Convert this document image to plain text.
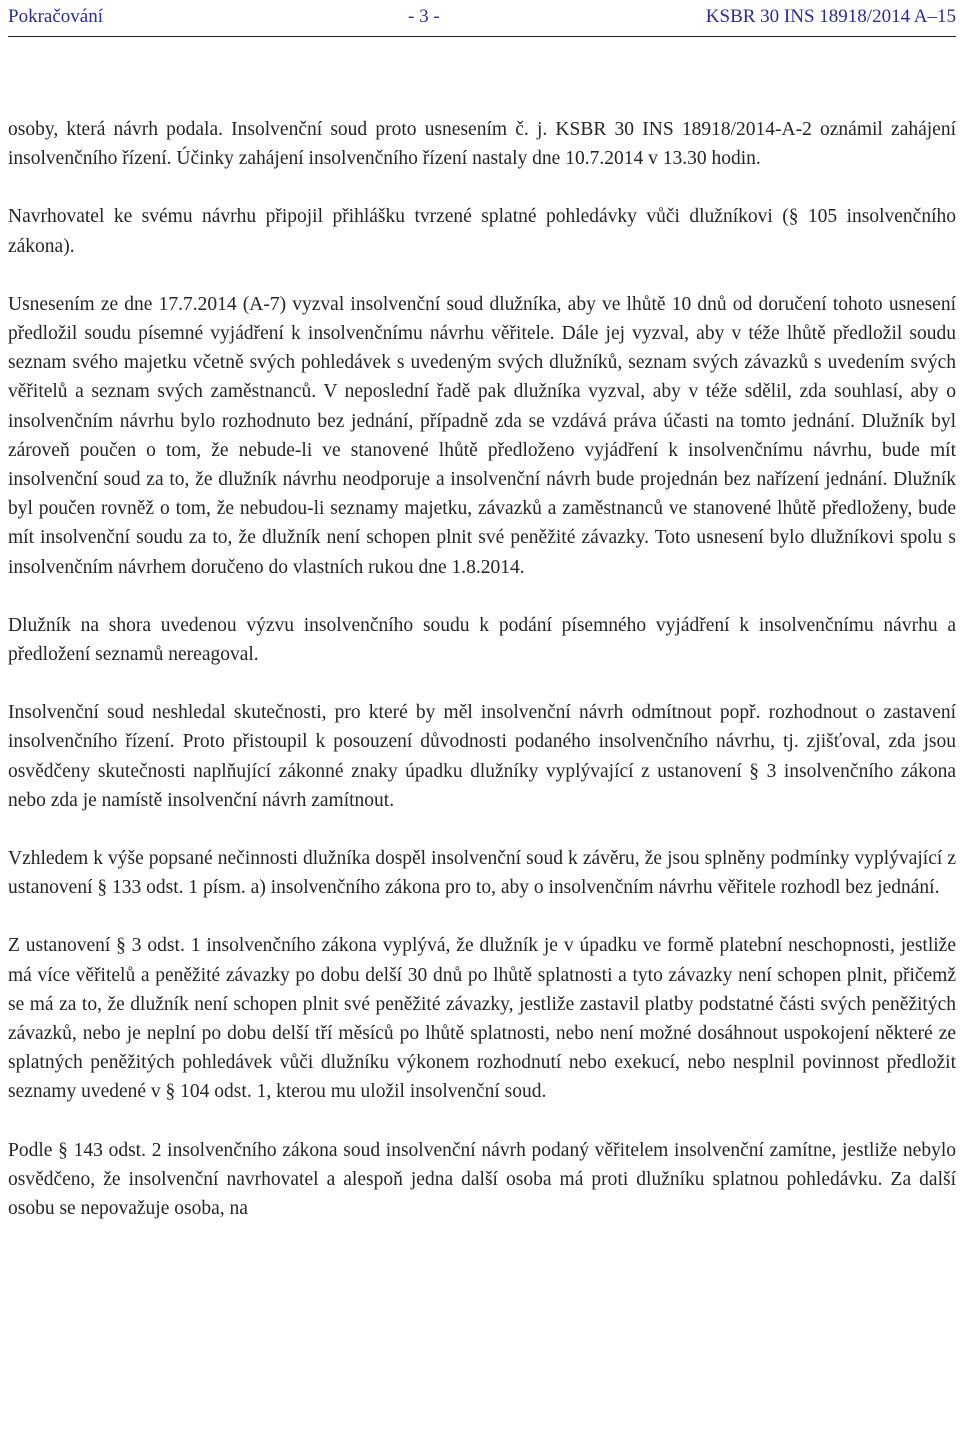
Pokračování	- 3 -	KSBR 30 INS 18918/2014 A–15

osoby, která návrh podala. Insolvenční soud proto usnesením č. j. KSBR 30 INS 18918/2014-A-2 oznámil zahájení insolvenčního řízení. Účinky zahájení insolvenčního řízení nastaly dne 10.7.2014 v 13.30 hodin.

Navrhovatel ke svému návrhu připojil přihlášku tvrzené splatné pohledávky vůči dlužníkovi (§ 105 insolvenčního zákona).

Usnesením ze dne 17.7.2014 (A-7) vyzval insolvenční soud dlužníka, aby ve lhůtě 10 dnů od doručení tohoto usnesení předložil soudu písemné vyjádření k insolvenčnímu návrhu věřitele. Dále jej vyzval, aby v téže lhůtě předložil soudu seznam svého majetku včetně svých pohledávek s uvedeným svých dlužníků, seznam svých závazků s uvedením svých věřitelů a seznam svých zaměstnanců. V neposlední řadě pak dlužníka vyzval, aby v téže sdělil, zda souhlasí, aby o insolvenčním návrhu bylo rozhodnuto bez jednání, případně zda se vzdává práva účasti na tomto jednání. Dlužník byl zároveň poučen o tom, že nebude-li ve stanovené lhůtě předloženo vyjádření k insolvenčnímu návrhu, bude mít insolvenční soud za to, že dlužník návrhu neodporuje a insolvenční návrh bude projednán bez nařízení jednání. Dlužník byl poučen rovněž o tom, že nebudou-li seznamy majetku, závazků a zaměstnanců ve stanovené lhůtě předloženy, bude mít insolvenční soudu za to, že dlužník není schopen plnit své peněžité závazky. Toto usnesení bylo dlužníkovi spolu s insolvenčním návrhem doručeno do vlastních rukou dne 1.8.2014.

Dlužník na shora uvedenou výzvu insolvenčního soudu k podání písemného vyjádření k insolvenčnímu návrhu a předložení seznamů nereagoval.

Insolvenční soud neshledal skutečnosti, pro které by měl insolvenční návrh odmítnout popř. rozhodnout o zastavení insolvenčního řízení. Proto přistoupil k posouzení důvodnosti podaného insolvenčního návrhu, tj. zjišťoval, zda jsou osvědčeny skutečnosti naplňující zákonné znaky úpadku dlužníky vyplývající z ustanovení § 3 insolvenčního zákona nebo zda je namístě insolvenční návrh zamítnout.

Vzhledem k výše popsané nečinnosti dlužníka dospěl insolvenční soud k závěru, že jsou splněny podmínky vyplývající z ustanovení § 133 odst. 1 písm. a) insolvenčního zákona pro to, aby o insolvenčním návrhu věřitele rozhodl bez jednání.

Z ustanovení § 3 odst. 1 insolvenčního zákona vyplývá, že dlužník je v úpadku ve formě platební neschopnosti, jestliže má více věřitelů a peněžité závazky po dobu delší 30 dnů po lhůtě splatnosti a tyto závazky není schopen plnit, přičemž se má za to, že dlužník není schopen plnit své peněžité závazky, jestliže zastavil platby podstatné části svých peněžitých závazků, nebo je neplní po dobu delší tří měsíců po lhůtě splatnosti, nebo není možné dosáhnout uspokojení některé ze splatných peněžitých pohledávek vůči dlužníku výkonem rozhodnutí nebo exekucí, nebo nesplnil povinnost předložit seznamy uvedené v § 104 odst. 1, kterou mu uložil insolvenční soud.

Podle § 143 odst. 2 insolvenčního zákona soud insolvenční návrh podaný věřitelem insolvenční zamítne, jestliže nebylo osvědčeno, že insolvenční navrhovatel a alespoň jedna další osoba má proti dlužníku splatnou pohledávku. Za další osobu se nepovažuje osoba, na
